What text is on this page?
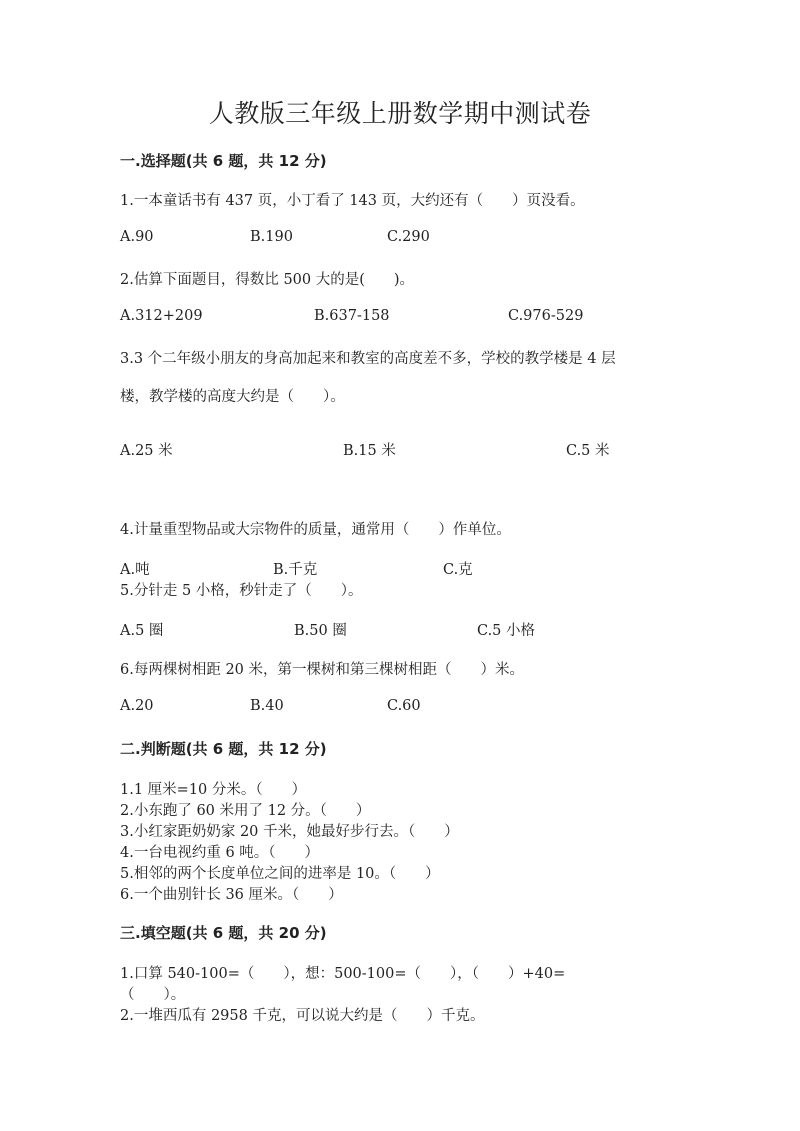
人教版三年级上册数学期中测试卷
一.选择题(共 6 题，共 12 分)
1.一本童话书有 437 页，小丁看了 143 页，大约还有（　　）页没看。
A.90	B.190	C.290
2.估算下面题目，得数比 500 大的是(　　)。
A.312+209	B.637-158	C.976-529
3.3 个二年级小朋友的身高加起来和教室的高度差不多，学校的教学楼是 4 层
楼，教学楼的高度大约是（　　）。
A.25 米	B.15 米	C.5 米
4.计量重型物品或大宗物件的质量，通常用（　　）作单位。
A.吨	B.千克	C.克
5.分针走 5 小格，秒针走了（　　）。
A.5 圈	B.50 圈	C.5 小格
6.每两棵树相距 20 米，第一棵树和第三棵树相距（　　）米。
A.20	B.40	C.60
二.判断题(共 6 题，共 12 分)
1.1 厘米=10 分米。（　　）
2.小东跑了 60 米用了 12 分。（　　）
3.小红家距奶奶家 20 千米，她最好步行去。（　　）
4.一台电视约重 6 吨。（　　）
5.相邻的两个长度单位之间的进率是 10。（　　）
6.一个曲别针长 36 厘米。（　　）
三.填空题(共 6 题，共 20 分)
1.口算 540-100=（　　），想：500-100=（　　），（　　）+40=
（　　）。
2.一堆西瓜有 2958 千克，可以说大约是（　　）千克。
